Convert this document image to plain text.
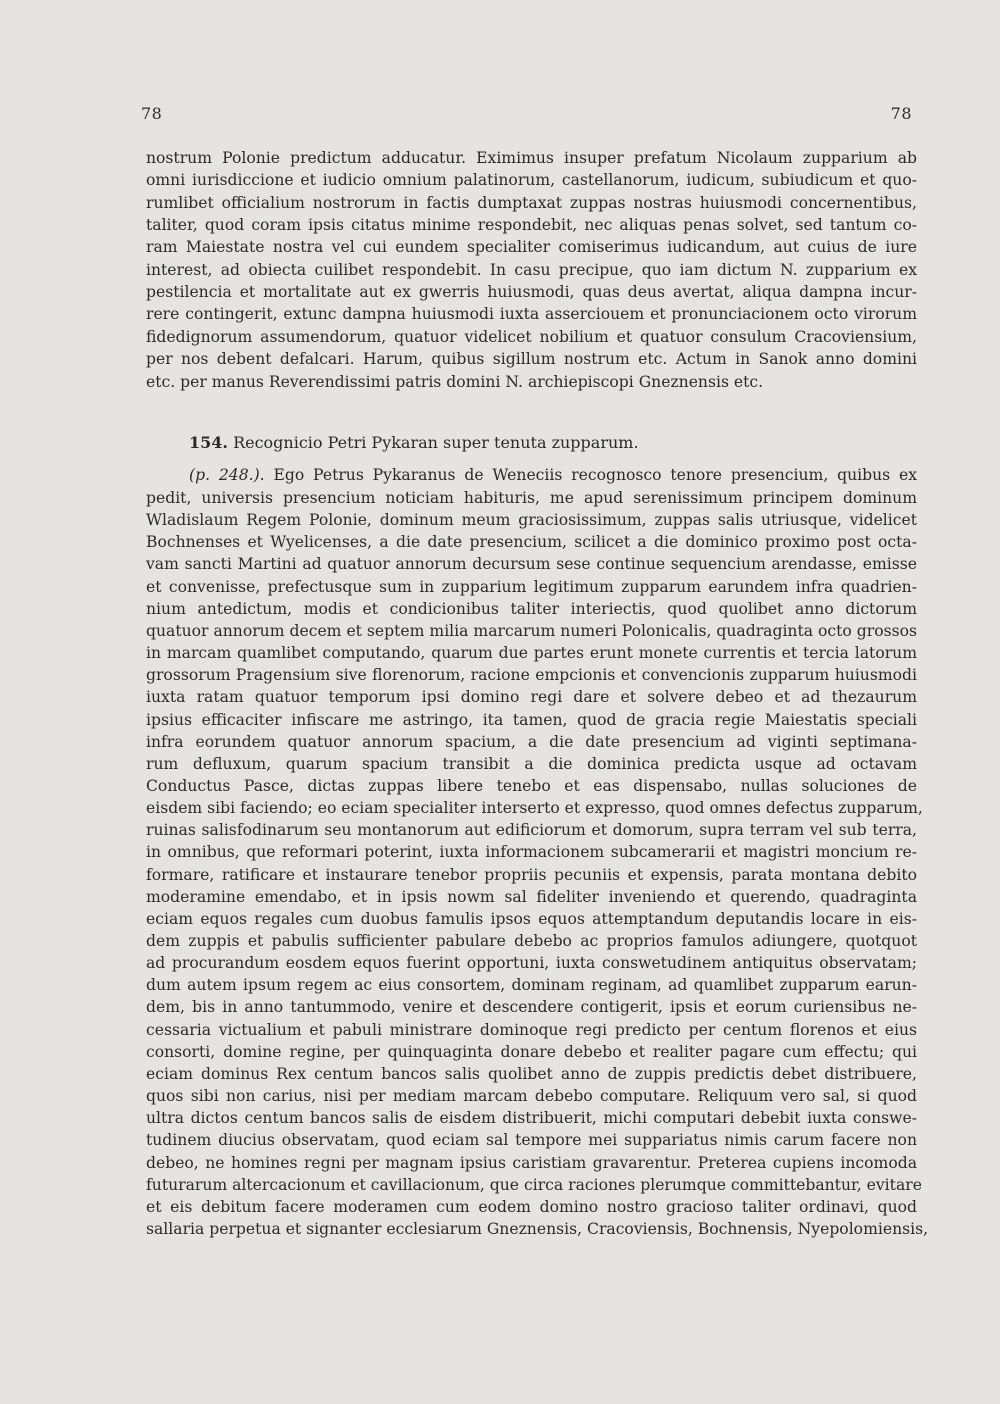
78	78
nostrum Polonie predictum adducatur. Eximimus insuper prefatum Nicolaum zupparium ab
omni iurisdiccione et iudicio omnium palatinorum, castellanorum, iudicum, subiudicum et quo-
rumlibet officialium nostrorum in factis dumptaxat zuppas nostras huiusmodi concernentibus,
taliter, quod coram ipsis citatus minime respondebit, nec aliquas penas solvet, sed tantum co-
ram Maiestate nostra vel cui eundem specialiter comiserimus iudicandum, aut cuius de iure
interest, ad obiecta cuilibet respondebit. In casu precipue, quo iam dictum N. zupparium ex
pestilencia et mortalitate aut ex gwerris huiusmodi, quas deus avertat, aliqua dampna incur-
rere contingerit, extunc dampna huiusmodi iuxta asserciouem et pronunciacionem octo virorum
fidedignorum assumendorum, quatuor videlicet nobilium et quatuor consulum Cracoviensium,
per nos debent defalcari. Harum, quibus sigillum nostrum etc. Actum in Sanok anno domini
etc. per manus Reverendissimi patris domini N. archiepiscopi Gneznensis etc.
154. Recognicio Petri Pykaran super tenuta zupparum.
(p. 248.). Ego Petrus Pykaranus de Weneciis recognosco tenore presencium, quibus ex
pedit, universis presencium noticiam habituris, me apud serenissimum principem dominum
Wladislaum Regem Polonie, dominum meum graciosissimum, zuppas salis utriusque, videlicet
Bochnenses et Wyelicenses, a die date presencium, scilicet a die dominico proximo post octa-
vam sancti Martini ad quatuor annorum decursum sese continue sequencium arendasse, emisse
et convenisse, prefectusque sum in zupparium legitimum zupparum earundem infra quadrien-
nium antedictum, modis et condicionibus taliter interiectis, quod quolibet anno dictorum
quatuor annorum decem et septem milia marcarum numeri Polonicalis, quadraginta octo grossos
in marcam quamlibet computando, quarum due partes erunt monete currentis et tercia latorum
grossorum Pragensium sive florenorum, racione empcionis et convencionis zupparum huiusmodi
iuxta ratam quatuor temporum ipsi domino regi dare et solvere debeo et ad thezaurum
ipsius efficaciter infiscare me astringo, ita tamen, quod de gracia regie Maiestatis speciali
infra eorundem quatuor annorum spacium, a die date presencium ad viginti septimana-
rum defluxum, quarum spacium transibit a die dominica predicta usque ad octavam
Conductus Pasce, dictas zuppas libere tenebo et eas dispensabo, nullas soluciones de
eisdem sibi faciendo; eo eciam specialiter interserto et expresso, quod omnes defectus zupparum,
ruinas salisfodinarum seu montanorum aut edificiorum et domorum, supra terram vel sub terra,
in omnibus, que reformari poterint, iuxta informacionem subcamerarii et magistri moncium re-
formare, ratificare et instaurare tenebor propriis pecuniis et expensis, parata montana debito
moderamine emendabo, et in ipsis nowm sal fideliter inveniendo et querendo, quadraginta
eciam equos regales cum duobus famulis ipsos equos attemptandum deputandis locare in eis-
dem zuppis et pabulis sufficienter pabulare debebo ac proprios famulos adiungere, quotquot
ad procurandum eosdem equos fuerint opportuni, iuxta conswetudinem antiquitus observatam;
dum autem ipsum regem ac eius consortem, dominam reginam, ad quamlibet zupparum earun-
dem, bis in anno tantummodo, venire et descendere contigerit, ipsis et eorum curiensibus ne-
cessaria victualium et pabuli ministrare dominoque regi predicto per centum florenos et eius
consorti, domine regine, per quinquaginta donare debebo et realiter pagare cum effectu; qui
eciam dominus Rex centum bancos salis quolibet anno de zuppis predictis debet distribuere,
quos sibi non carius, nisi per mediam marcam debebo computare. Reliquum vero sal, si quod
ultra dictos centum bancos salis de eisdem distribuerit, michi computari debebit iuxta conswe-
tudinem diucius observatam, quod eciam sal tempore mei suppariatus nimis carum facere non
debeo, ne homines regni per magnam ipsius caristiam gravarentur. Preterea cupiens incomoda
futurarum altercacionum et cavillacionum, que circa raciones plerumque committebantur, evitare
et eis debitum facere moderamen cum eodem domino nostro gracioso taliter ordinavi, quod
sallaria perpetua et signanter ecclesiarum Gneznensis, Cracoviensis, Bochnensis, Nyepolomiensis,
